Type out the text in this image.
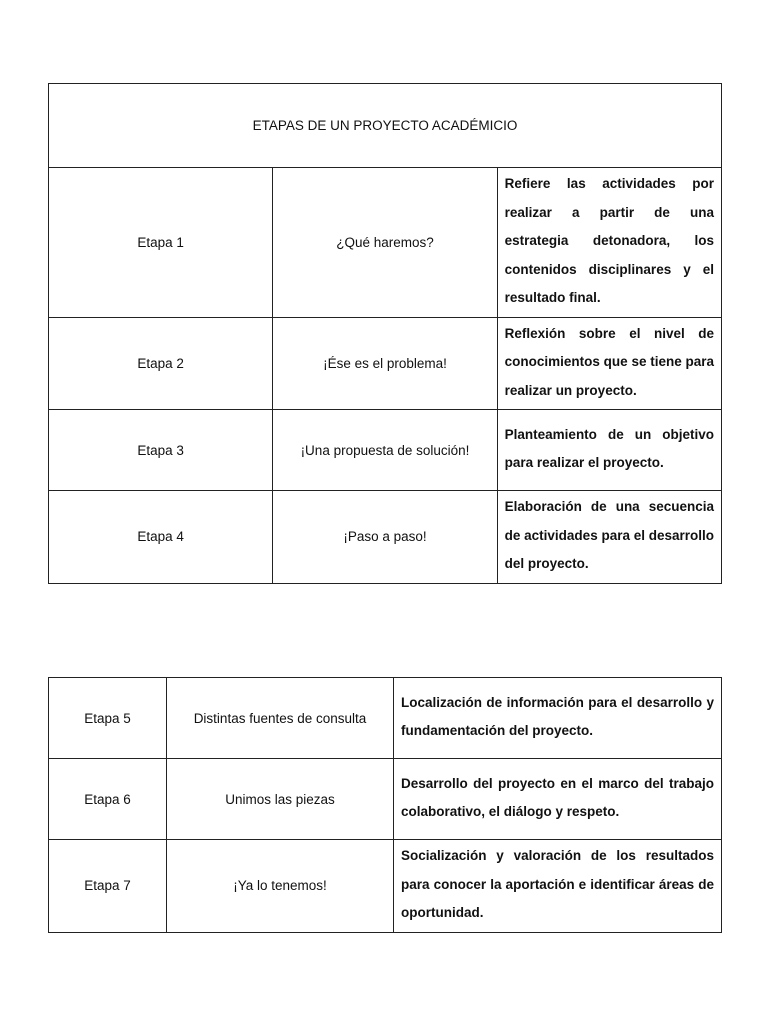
ETAPAS DE UN PROYECTO ACADÉMICIO		
Etapa 1	¿Qué haremos?	Refiere las actividades por realizar a partir de una estrategia detonadora, los contenidos disciplinares y el resultado final.
Etapa 2	¡Ése es el problema!	Reflexión sobre el nivel de conocimientos que se tiene para realizar un proyecto.
Etapa 3	¡Una propuesta de solución!	Planteamiento de un objetivo para realizar el proyecto.
Etapa 4	¡Paso a paso!	Elaboración de una secuencia de actividades para el desarrollo del proyecto.
Etapa 5	Distintas fuentes de consulta	Localización de información para el desarrollo y fundamentación del proyecto.
Etapa 6	Unimos las piezas	Desarrollo del proyecto en el marco del trabajo colaborativo, el diálogo y respeto.
Etapa 7	¡Ya lo tenemos!	Socialización y valoración de los resultados para conocer la aportación e identificar áreas de oportunidad.
